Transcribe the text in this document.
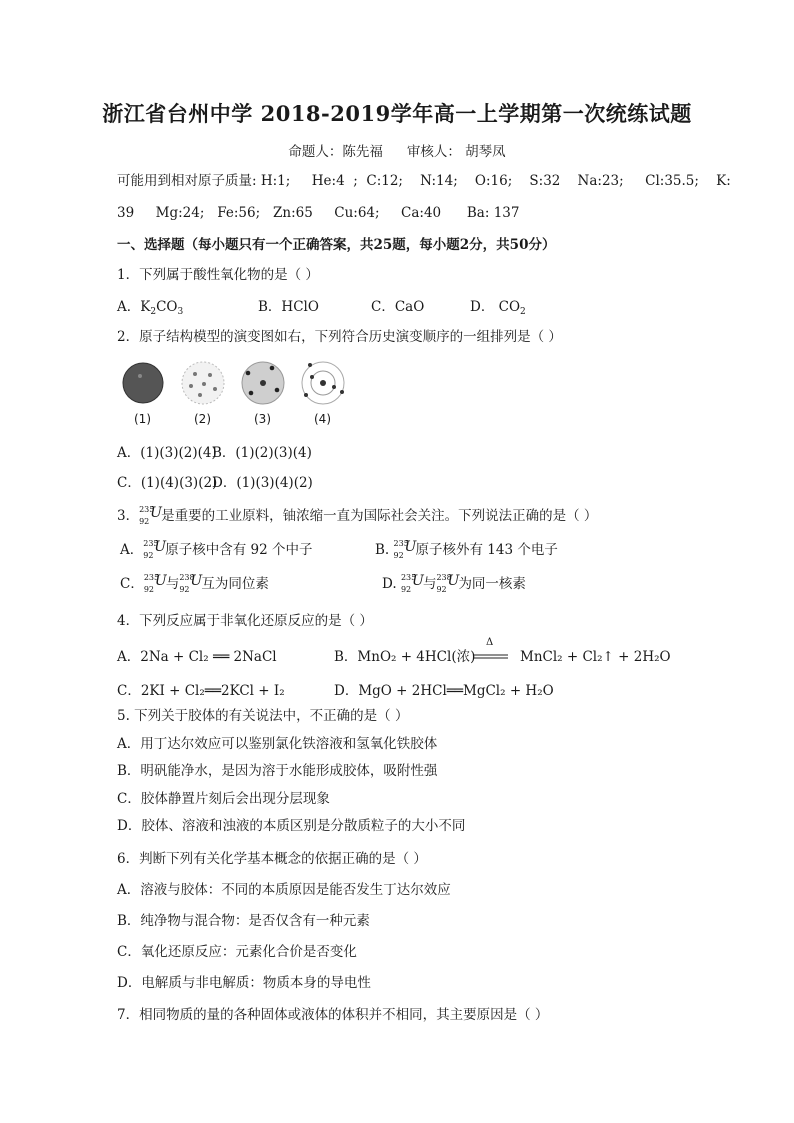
浙江省台州中学 2018-2019学年高一上学期第一次统练试题
命题人：陈先福 审核人： 胡琴凤
可能用到相对原子质量: H:1;     He:4  ;  C:12;    N:14;    O:16;    S:32    Na:23;     Cl:35.5;    K:
39     Mg:24;   Fe:56;   Zn:65     Cu:64;     Ca:40      Ba: 137
一、选择题（每小题只有一个正确答案，共25题，每小题2分，共50分）
1．下列属于酸性氧化物的是（ ）
A．$K_2CO_3$	B．HClO	C．CaO	D． $CO_2$
2．原子结构模型的演变图如右，下列符合历史演变顺序的一组排列是（ ）
(1)	(2)	(3)	(4)
A．(1)(3)(2)(4)
B．(1)(2)(3)(4)
C．(1)(4)(3)(2)
D．(1)(3)(4)(2)
3． 235
92
U 是重要的工业原料，铀浓缩一直为国际社会关注。下列说法正确的是（ ）
A． 235
92
U 原子核中含有 92 个中子	B. 235
92
U 原子核外有 143 个电子
C． 235
92
U 与 238
92
U 互为同位素	D. 235
92
U 与 238
92
U 为同一核素
4．下列反应属于非氧化还原反应的是（ ）
A．2Na + Cl₂ ══ 2NaCl	B．MnO₂ + 4HCl(浓)
Δ
MnCl₂ + Cl₂↑ + 2H₂O
C．2KI + Cl₂══2KCl + I₂	D．MgO + 2HCl══MgCl₂ + H₂O
5. 下列关于胶体的有关说法中，不正确的是（ ）
A．用丁达尔效应可以鉴别氯化铁溶液和氢氧化铁胶体
B．明矾能净水，是因为溶于水能形成胶体，吸附性强
C．胶体静置片刻后会出现分层现象
D．胶体、溶液和浊液的本质区别是分散质粒子的大小不同
6．判断下列有关化学基本概念的依据正确的是（ ）
A．溶液与胶体：不同的本质原因是能否发生丁达尔效应
B．纯净物与混合物：是否仅含有一种元素
C．氧化还原反应：元素化合价是否变化
D．电解质与非电解质：物质本身的导电性
7．相同物质的量的各种固体或液体的体积并不相同，其主要原因是（ ）
